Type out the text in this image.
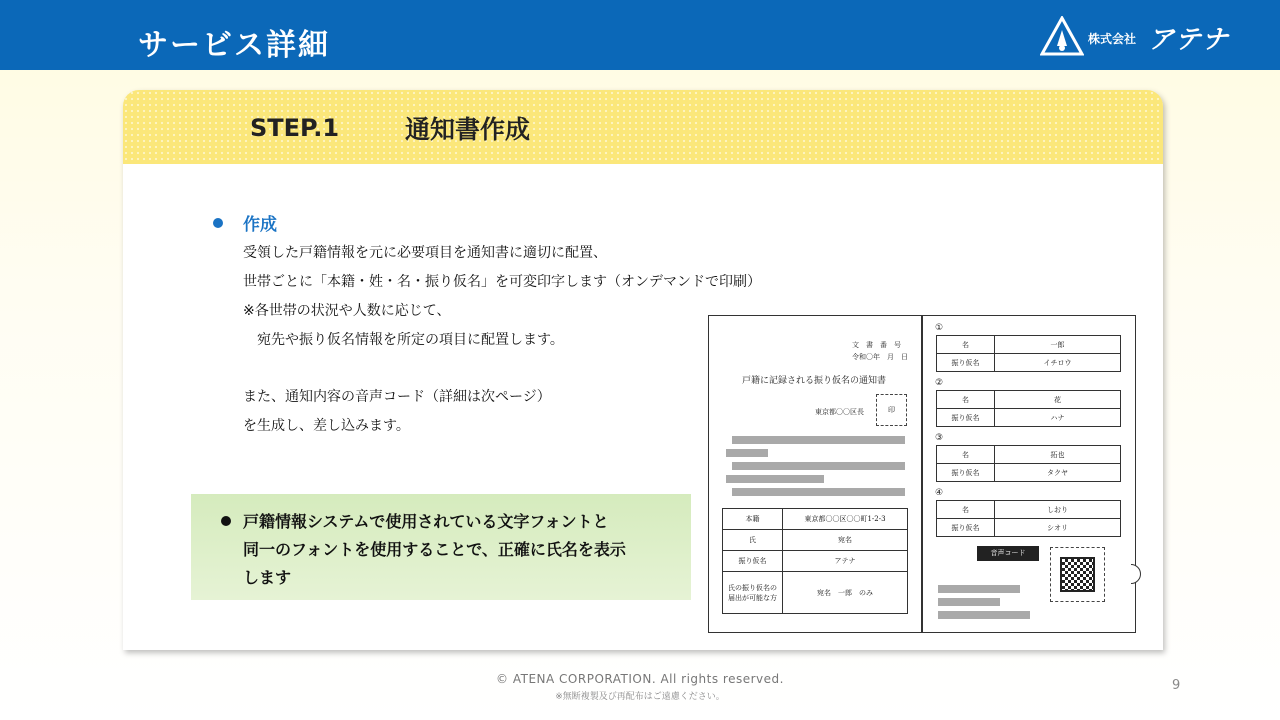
サービス詳細	株式会社 アテナ
STEP.1	通知書作成
作成
受領した戸籍情報を元に必要項目を通知書に適切に配置、
世帯ごとに「本籍・姓・名・振り仮名」を可変印字します（オンデマンドで印刷）
※各世帯の状況や人数に応じて、
　宛先や振り仮名情報を所定の項目に配置します。
また、通知内容の音声コード（詳細は次ページ）
を生成し、差し込みます。
戸籍情報システムで使用されている文字フォントと
同一のフォントを使用することで、正確に氏名を表示
します
文　書　番　号
令和〇年　月　日
戸籍に記録される振り仮名の通知書
東京都〇〇区長	印
本籍	東京都〇〇区〇〇町1-2-3
氏	宛名
振り仮名	アテナ
氏の振り仮名の届出が可能な方	宛名　一郎　のみ
①
名	一郎
振り仮名	イチロウ
②
名	花
振り仮名	ハナ
③
名	拓也
振り仮名	タクヤ
④
名	しおり
振り仮名	シオリ
音声コード
© ATENA CORPORATION. All rights reserved.
※無断複製及び再配布はご遠慮ください。
9
